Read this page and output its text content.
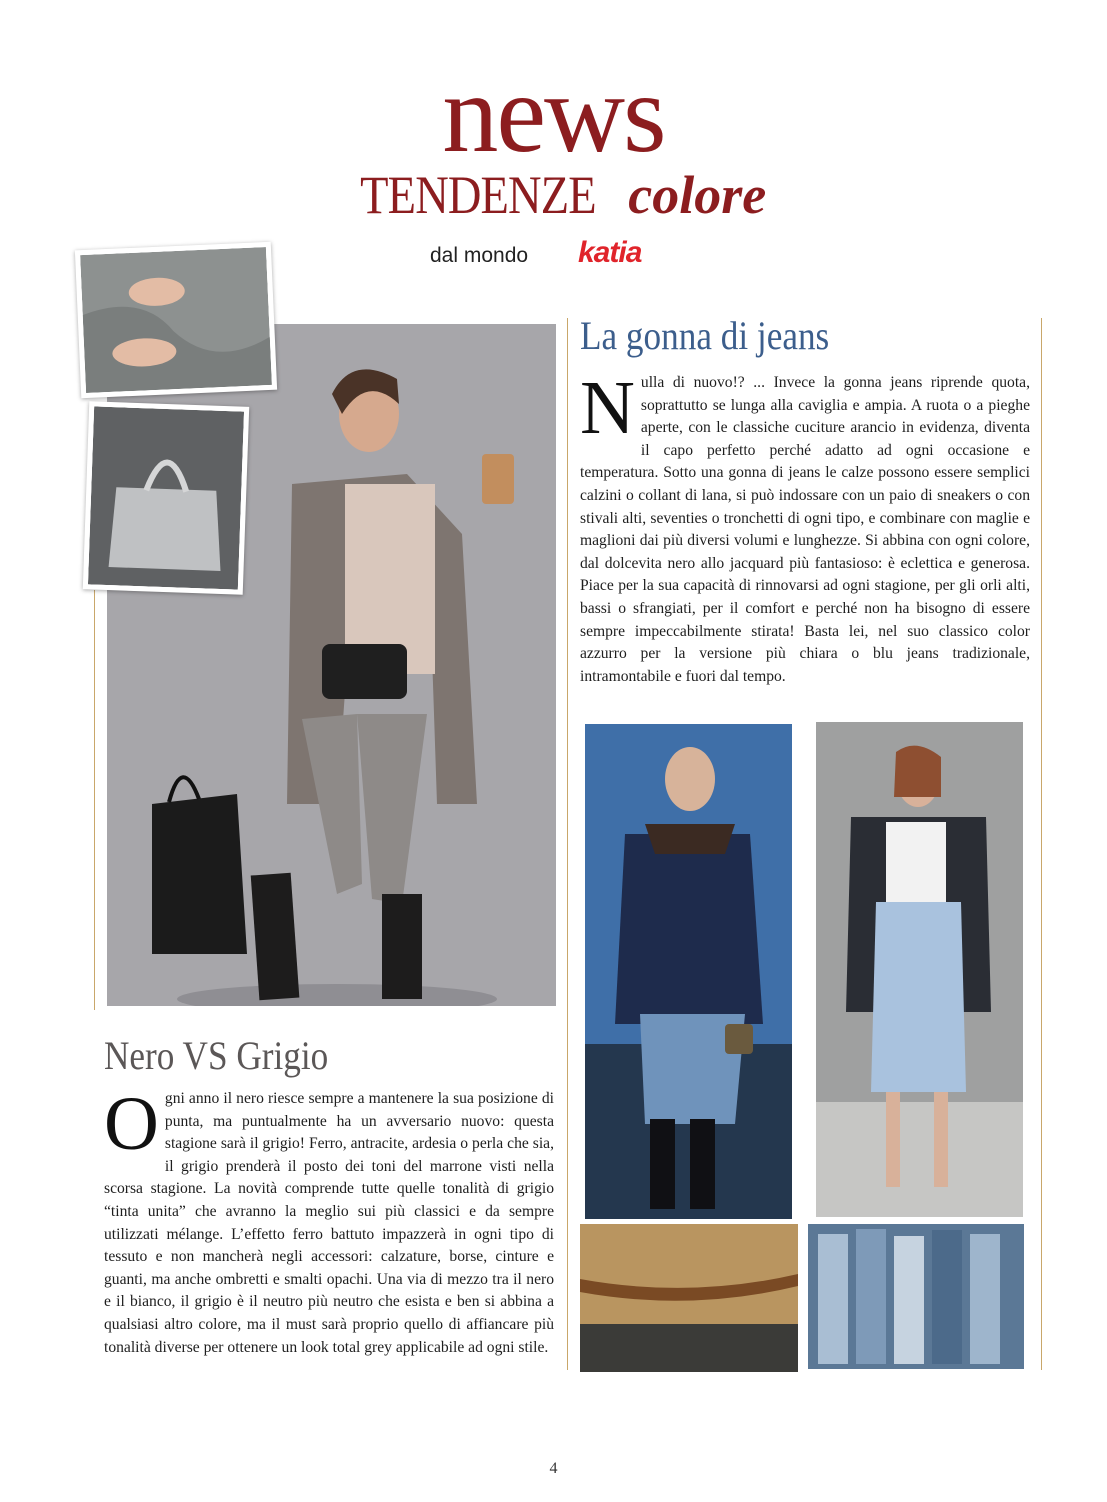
news
TENDENZE colore
dal mondo katia
La gonna di jeans
Nulla di nuovo!? ... Invece la gonna jeans riprende quota, soprattutto se lunga alla caviglia e ampia. A ruota o a pieghe aperte, con le classiche cuciture arancio in evidenza, diventa il capo perfetto perché adatto ad ogni occasione e temperatura. Sotto una gonna di jeans le calze possono essere semplici calzini o collant di lana, si può indossare con un paio di sneakers o con stivali alti, seventies o tronchetti di ogni tipo, e combinare con maglie e maglioni dai più diversi volumi e lunghezze. Si abbina con ogni colore, dal dolcevita nero allo jacquard più fantasioso: è eclettica e generosa. Piace per la sua capacità di rinnovarsi ad ogni stagione, per gli orli alti, bassi o sfrangiati, per il comfort e perché non ha bisogno di essere sempre impeccabilmente stirata! Basta lei, nel suo classico color azzurro per la versione più chiara o blu jeans tradizionale, intramontabile e fuori dal tempo.
Nero VS Grigio
Ogni anno il nero riesce sempre a mantenere la sua posizione di punta, ma puntualmente ha un avversario nuovo: questa stagione sarà il grigio! Ferro, antracite, ardesia o perla che sia, il grigio prenderà il posto dei toni del marrone visti nella scorsa stagione. La novità comprende tutte quelle tonalità di grigio “tinta unita” che avranno la meglio sui più classici e da sempre utilizzati mélange. L’effetto ferro battuto impazzerà in ogni tipo di tessuto e non mancherà negli accessori: calzature, borse, cinture e guanti, ma anche ombretti e smalti opachi. Una via di mezzo tra il nero e il bianco, il grigio è il neutro più neutro che esista e ben si abbina a qualsiasi altro colore, ma il must sarà proprio quello di affiancare più tonalità diverse per ottenere un look total grey applicabile ad ogni stile.
4
